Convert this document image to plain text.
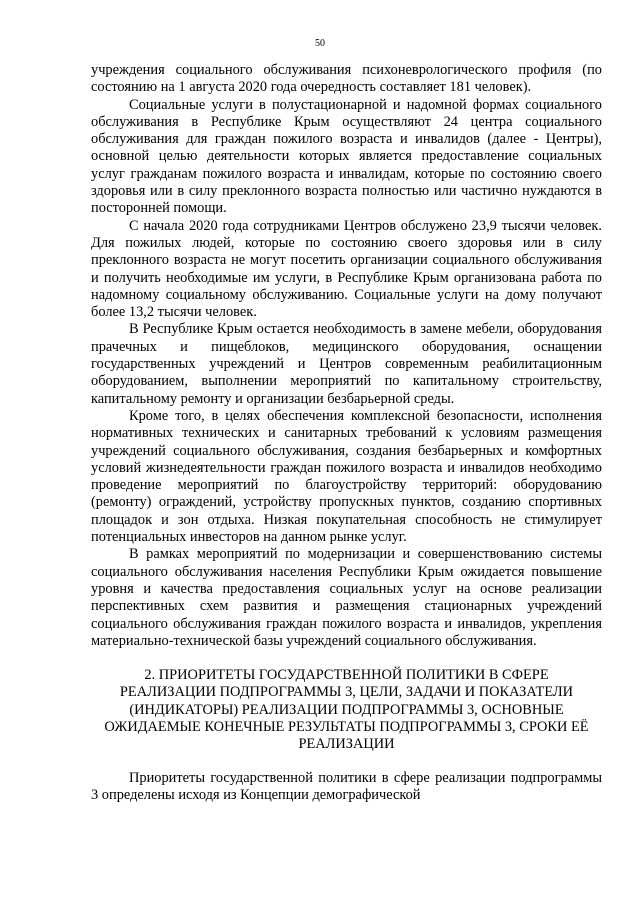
50

учреждения социального обслуживания психоневрологического профиля (по состоянию на 1 августа 2020 года очередность составляет 181 человек).

Социальные услуги в полустационарной и надомной формах социального обслуживания в Республике Крым осуществляют 24 центра социального обслуживания для граждан пожилого возраста и инвалидов (далее - Центры), основной целью деятельности которых является предоставление социальных услуг гражданам пожилого возраста и инвалидам, которые по состоянию своего здоровья или в силу преклонного возраста полностью или частично нуждаются в посторонней помощи.

С начала 2020 года сотрудниками Центров обслужено 23,9 тысячи человек. Для пожилых людей, которые по состоянию своего здоровья или в силу преклонного возраста не могут посетить организации социального обслуживания и получить необходимые им услуги, в Республике Крым организована работа по надомному социальному обслуживанию. Социальные услуги на дому получают более 13,2 тысячи человек.

В Республике Крым остается необходимость в замене мебели, оборудования прачечных и пищеблоков, медицинского оборудования, оснащении государственных учреждений и Центров современным реабилитационным оборудованием, выполнении мероприятий по капитальному строительству, капитальному ремонту и организации безбарьерной среды.

Кроме того, в целях обеспечения комплексной безопасности, исполнения нормативных технических и санитарных требований к условиям размещения учреждений социального обслуживания, создания безбарьерных и комфортных условий жизнедеятельности граждан пожилого возраста и инвалидов необходимо проведение мероприятий по благоустройству территорий: оборудованию (ремонту) ограждений, устройству пропускных пунктов, созданию спортивных площадок и зон отдыха. Низкая покупательная способность не стимулирует потенциальных инвесторов на данном рынке услуг.

В рамках мероприятий по модернизации и совершенствованию системы социального обслуживания населения Республики Крым ожидается повышение уровня и качества предоставления социальных услуг на основе реализации перспективных схем развития и размещения стационарных учреждений социального обслуживания граждан пожилого возраста и инвалидов, укрепления материально-технической базы учреждений социального обслуживания.

2. ПРИОРИТЕТЫ ГОСУДАРСТВЕННОЙ ПОЛИТИКИ В СФЕРЕ РЕАЛИЗАЦИИ ПОДПРОГРАММЫ 3, ЦЕЛИ, ЗАДАЧИ И ПОКАЗАТЕЛИ (ИНДИКАТОРЫ) РЕАЛИЗАЦИИ ПОДПРОГРАММЫ 3, ОСНОВНЫЕ ОЖИДАЕМЫЕ КОНЕЧНЫЕ РЕЗУЛЬТАТЫ ПОДПРОГРАММЫ 3, СРОКИ ЕЁ РЕАЛИЗАЦИИ

Приоритеты государственной политики в сфере реализации подпрограммы 3 определены исходя из Концепции демографической
